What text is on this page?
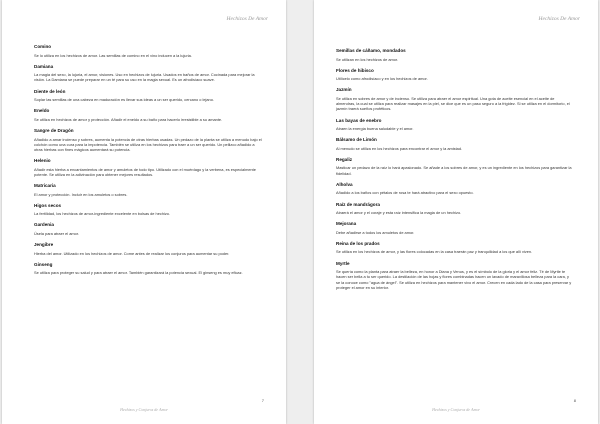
Hechizos De Amor

Comino

Se lo utiliza en los hechizos de amor. Las semillas de comino en el vino inducen a la lujuria.

Damiana

La magia del sexo, la lujuria, el amor, visiones. Uso en hechizos de lujuria. Usados en baños de amor. Cocinada para mejorar la visión. La Damiana se puede preparar en un té para su uso en la magia sexual. Es un afrodisíaco suave.

Diente de león

Soplar las semillas de una cabeza en maduración es llevar sus ideas a un ser querido, cercano o lejano.

Eneldo

Se utiliza en hechizos de amor y protección. Añadir el eneldo a su baño para hacerlo irresistible a su amante.

Sangre de Dragón

Añadido a amar incienso y sobres, aumenta la potencia de otras hierbas usadas. Un pedazo de la planta se utiliza a menudo bajo el colchón como una cura para la impotencia. También se utiliza en los hechizos para traer a un ser querido. Un pellizco añadido a otras hierbas con fines mágicos aumentará su potencia.

Helenio

Añadir esta hierba a encantamientos de amor y amuletos de todo tipo. Utilizado con el muérdago y la verbena, es especialmente potente. Se utiliza en la adivinación para obtener mejores resultados.

Matricaria

El amor y protección. Incluir en los amuletos o sobres.

Higos secos

La fertilidad, los hechizos de amor-ingrediente excelente en bolsas de hechizo.

Gardenia

Úsela para atraer el amor.

Jengibre

Hierba del amor. Utilizado en los hechizos de amor. Come antes de realizar los conjuros para aumentar su poder.

Ginseng

Se utiliza para proteger su salud y para atraer el amor. También garantizará la potencia sexual. El ginseng es muy eficaz.

7
Hechizos y Conjuros de Amor
Hechizos De Amor

Semillas de cáñamo, mondados

Se utilizan en los hechizos de amor.

Flores de hibisco

Utilícelo como afrodisíaco y en los hechizos de amor.

Jazmín

Se utiliza en sobres de amor y de incienso. Se utiliza para atraer el amor espiritual. Una gota de aceite esencial en el aceite de almendras, la cual se utiliza para realizar masajes en la piel, se dice que es un paso seguro a la frigidez. Si se utiliza en el dormitorio, el jazmín traerá sueños proféticos.

Las bayas de enebro

Atraen la energía buena saludable y el amor.

Bálsamo de Limón

Al menudo se utiliza en los hechizos para encontrar el amor y la amistad.

Regaliz

Masticar un pedazo de la raíz lo hará apasionado. Se añade a los sobres de amor, y es un ingrediente en los hechizos para garantizar la fidelidad.

Alholva

Añadido a los baños con pétalos de rosa te hará atractivo para el sexo opuesto.

Raíz de mandrágora

Atraerá el amor y el coraje y esta raíz intensifica la magia de un hechizo.

Mejorana

Debe añadirse a todos los amuletos de amor.

Reina de los prados

Se utiliza en los hechizos de amor, y las flores colocadas en la casa traerán paz y tranquilidad a los que allí viven.

Myrtle

Se quería como la planta para atraer la belleza, en honor a Diana y Venus, y es el símbolo de la gloria y el amor feliz. Té de Myrtle te hacen ser bella a tu ser querido. La destilación de las hojas y flores combinadas hacen un lavado de maravillosa belleza para la cara, y se la conoce como "agua de ángel". Se utiliza en hechizos para mantener vivo el amor. Crecen en cada lado de la casa para preservar y proteger el amor en su interior.

8
Hechizos y Conjuros de Amor
